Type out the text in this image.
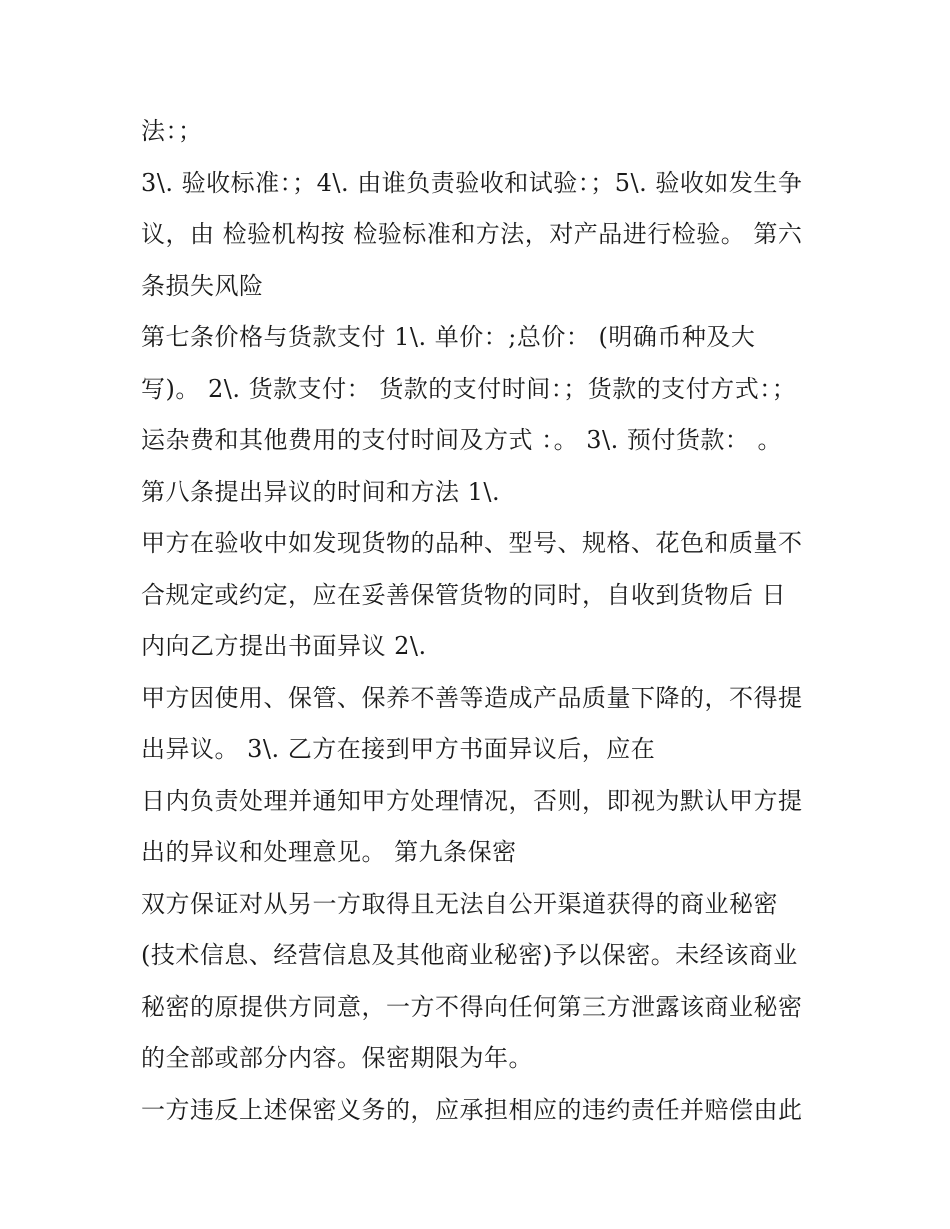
法：；
3\. 验收标准：；4\. 由谁负责验收和试验：；5\. 验收如发生争
议，由 检验机构按 检验标准和方法，对产品进行检验。 第六
条损失风险
第七条价格与货款支付 1\. 单价：;总价： (明确币种及大
写)。 2\. 货款支付： 货款的支付时间：；货款的支付方式：；
运杂费和其他费用的支付时间及方式 ：。 3\. 预付货款： 。
第八条提出异议的时间和方法 1\.
甲方在验收中如发现货物的品种、型号、规格、花色和质量不
合规定或约定，应在妥善保管货物的同时，自收到货物后 日
内向乙方提出书面异议 2\.
甲方因使用、保管、保养不善等造成产品质量下降的，不得提
出异议。 3\. 乙方在接到甲方书面异议后，应在
日内负责处理并通知甲方处理情况，否则，即视为默认甲方提
出的异议和处理意见。 第九条保密
双方保证对从另一方取得且无法自公开渠道获得的商业秘密
(技术信息、经营信息及其他商业秘密)予以保密。未经该商业
秘密的原提供方同意，一方不得向任何第三方泄露该商业秘密
的全部或部分内容。保密期限为年。
一方违反上述保密义务的，应承担相应的违约责任并赔偿由此
